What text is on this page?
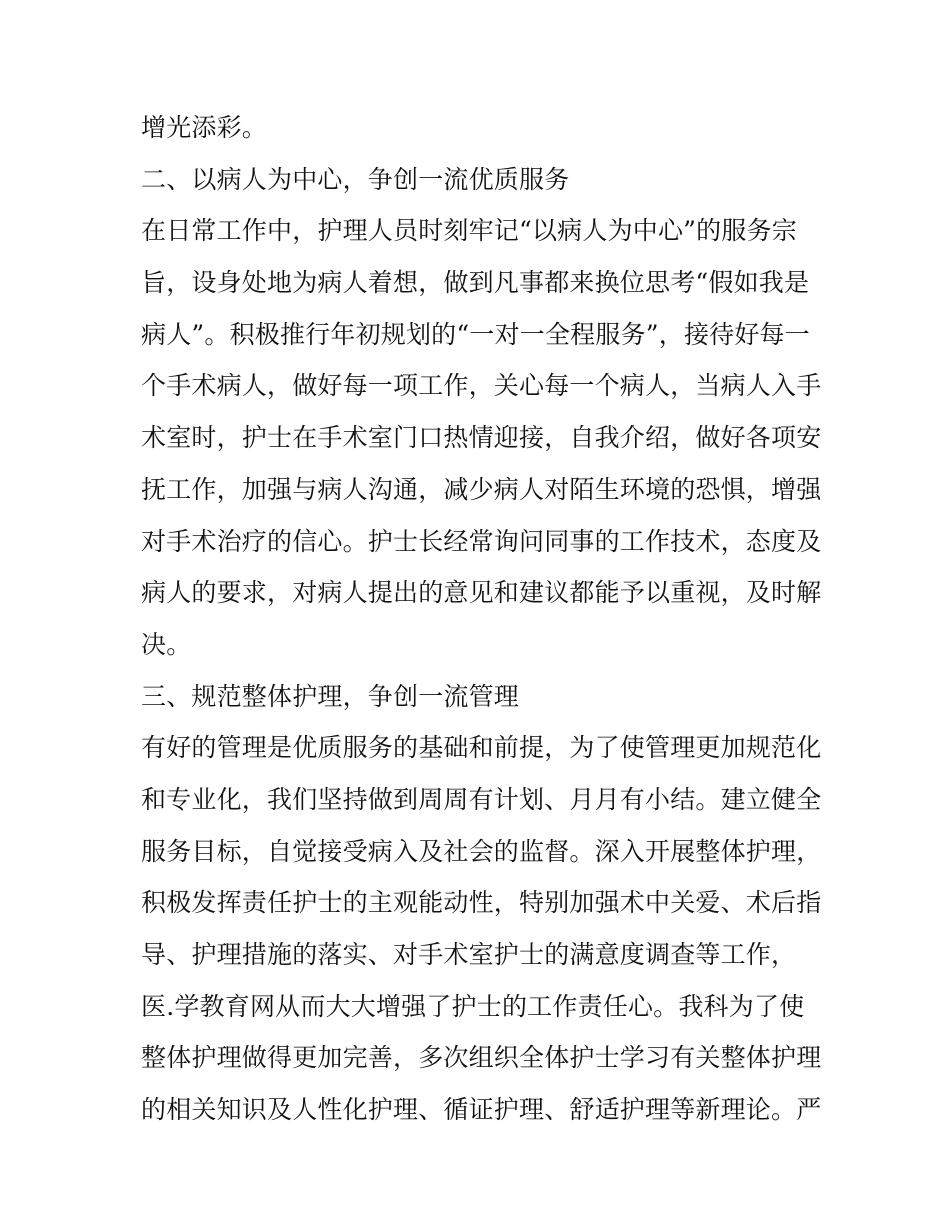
增光添彩。
二、以病人为中心，争创一流优质服务
在日常工作中，护理人员时刻牢记“以病人为中心”的服务宗
旨，设身处地为病人着想，做到凡事都来换位思考“假如我是
病人”。积极推行年初规划的“一对一全程服务”，接待好每一
个手术病人，做好每一项工作，关心每一个病人，当病人入手
术室时，护士在手术室门口热情迎接，自我介绍，做好各项安
抚工作，加强与病人沟通，减少病人对陌生环境的恐惧，增强
对手术治疗的信心。护士长经常询问同事的工作技术，态度及
病人的要求，对病人提出的意见和建议都能予以重视，及时解
决。
三、规范整体护理，争创一流管理
有好的管理是优质服务的基础和前提，为了使管理更加规范化
和专业化，我们坚持做到周周有计划、月月有小结。建立健全
服务目标，自觉接受病入及社会的监督。深入开展整体护理，
积极发挥责任护士的主观能动性，特别加强术中关爱、术后指
导、护理措施的落实、对手术室护士的满意度调查等工作，
医.学教育网从而大大增强了护士的工作责任心。我科为了使
整体护理做得更加完善，多次组织全体护士学习有关整体护理
的相关知识及人性化护理、循证护理、舒适护理等新理论。严
